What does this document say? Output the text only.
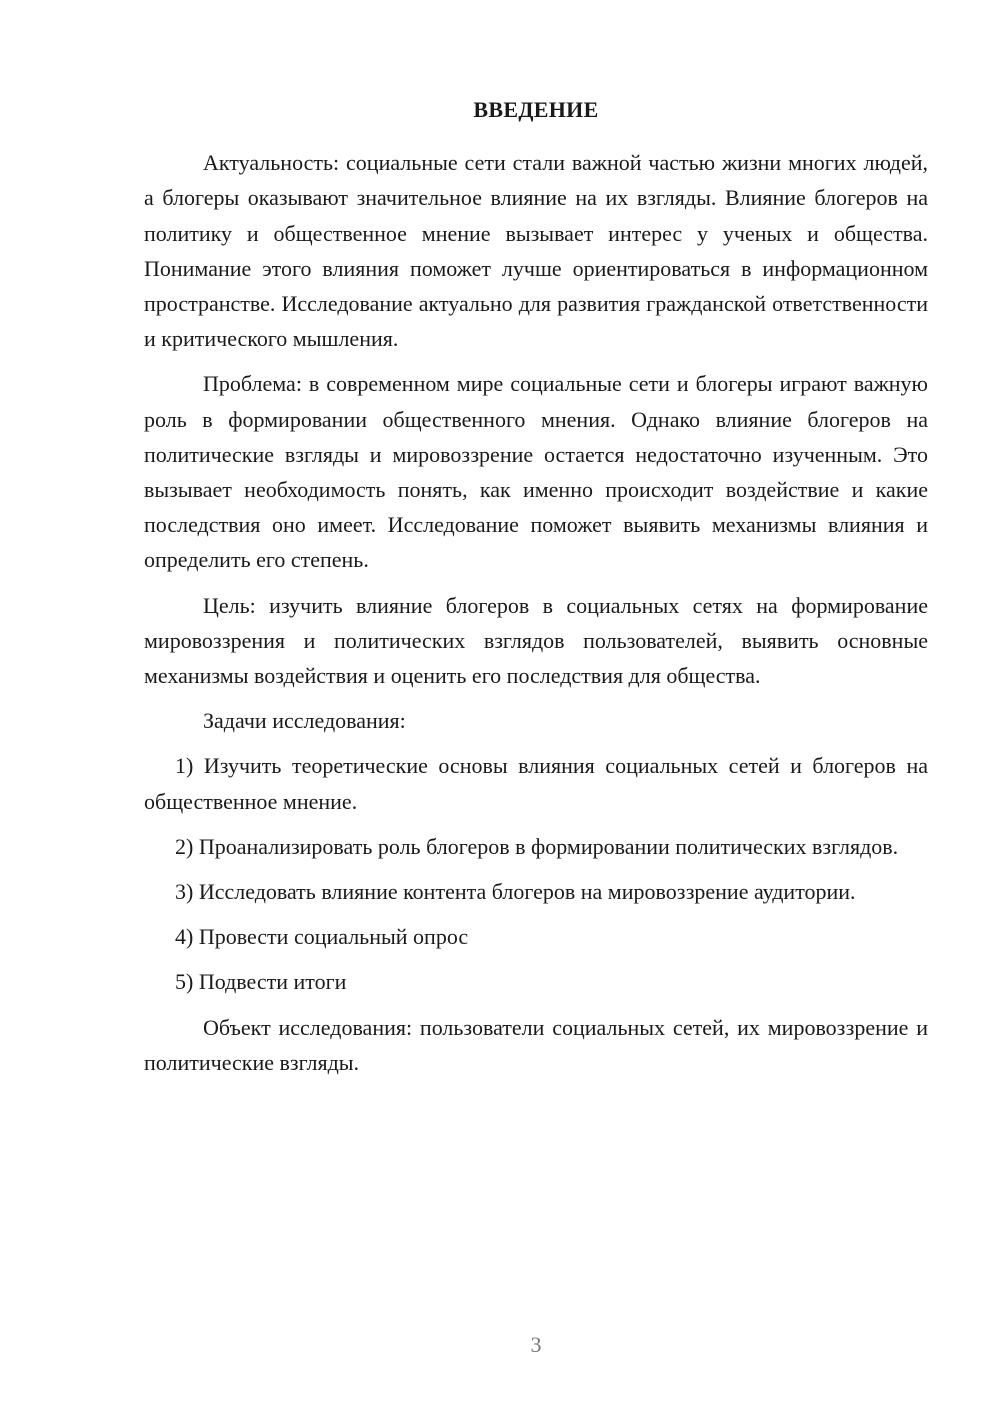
ВВЕДЕНИЕ

Актуальность: социальные сети стали важной частью жизни многих людей, а блогеры оказывают значительное влияние на их взгляды. Влияние блогеров на политику и общественное мнение вызывает интерес у ученых и общества. Понимание этого влияния поможет лучше ориентироваться в информационном пространстве. Исследование актуально для развития гражданской ответственности и критического мышления.

Проблема: в современном мире социальные сети и блогеры играют важную роль в формировании общественного мнения. Однако влияние блогеров на политические взгляды и мировоззрение остается недостаточно изученным. Это вызывает необходимость понять, как именно происходит воздействие и какие последствия оно имеет. Исследование поможет выявить механизмы влияния и определить его степень.

Цель: изучить влияние блогеров в социальных сетях на формирование мировоззрения и политических взглядов пользователей, выявить основные механизмы воздействия и оценить его последствия для общества.

Задачи исследования:

1) Изучить теоретические основы влияния социальных сетей и блогеров на общественное мнение.

2) Проанализировать роль блогеров в формировании политических взглядов.

3) Исследовать влияние контента блогеров на мировоззрение аудитории.

4) Провести социальный опрос

5) Подвести итоги

Объект исследования: пользователи социальных сетей, их мировоззрение и политические взгляды.

3
